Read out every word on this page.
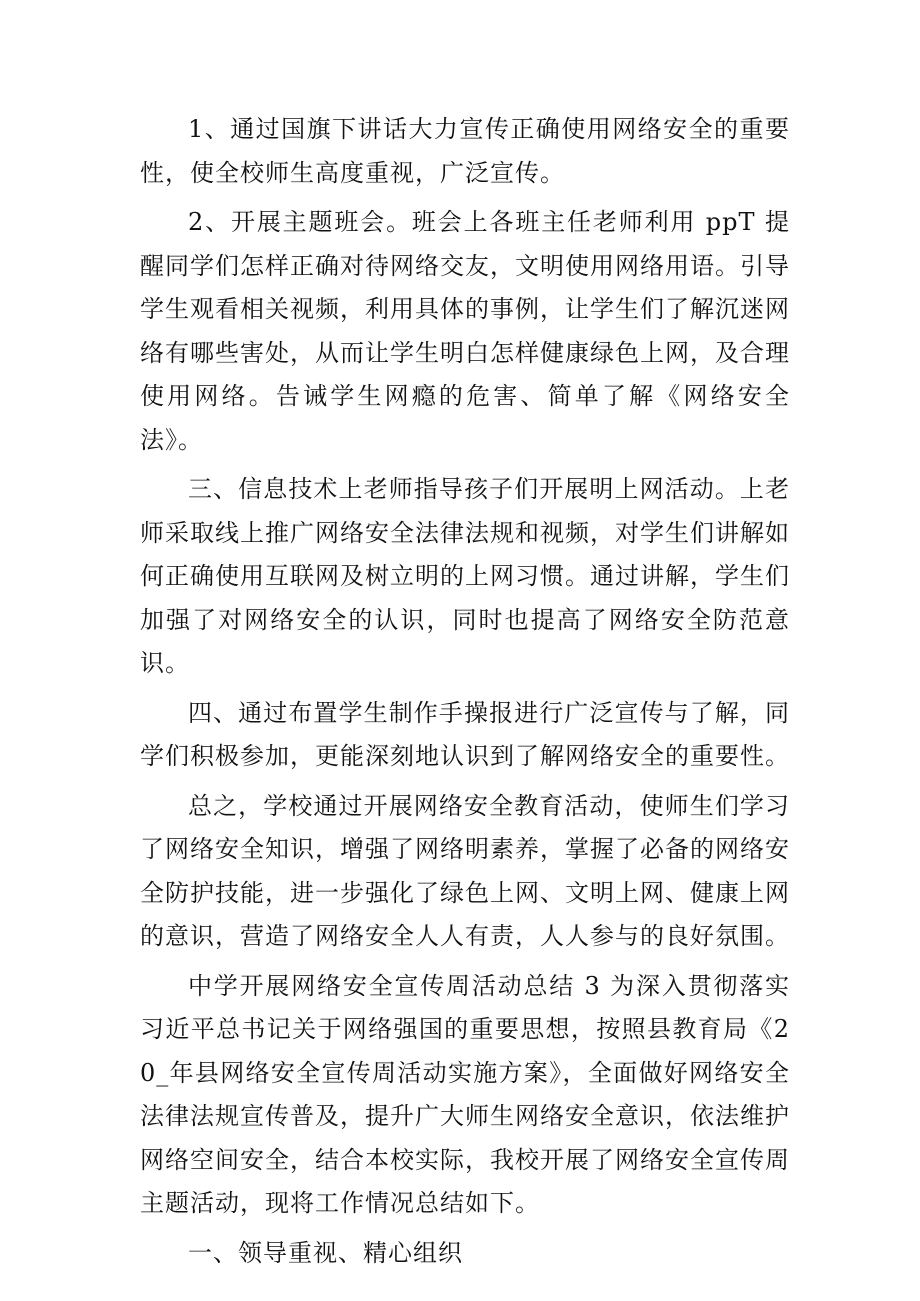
1、通过国旗下讲话大力宣传正确使用网络安全的重要性，使全校师生高度重视，广泛宣传。

2、开展主题班会。班会上各班主任老师利用 ppT 提醒同学们怎样正确对待网络交友，文明使用网络用语。引导学生观看相关视频，利用具体的事例，让学生们了解沉迷网络有哪些害处，从而让学生明白怎样健康绿色上网，及合理使用网络。告诫学生网瘾的危害、简单了解《网络安全法》。

三、信息技术上老师指导孩子们开展明上网活动。上老师采取线上推广网络安全法律法规和视频，对学生们讲解如何正确使用互联网及树立明的上网习惯。通过讲解，学生们加强了对网络安全的认识，同时也提高了网络安全防范意识。

四、通过布置学生制作手操报进行广泛宣传与了解，同学们积极参加，更能深刻地认识到了解网络安全的重要性。

总之，学校通过开展网络安全教育活动，使师生们学习了网络安全知识，增强了网络明素养，掌握了必备的网络安全防护技能，进一步强化了绿色上网、文明上网、健康上网的意识，营造了网络安全人人有责，人人参与的良好氛围。

中学开展网络安全宣传周活动总结 3 为深入贯彻落实习近平总书记关于网络强国的重要思想，按照县教育局《20_年县网络安全宣传周活动实施方案》，全面做好网络安全法律法规宣传普及，提升广大师生网络安全意识，依法维护网络空间安全，结合本校实际，我校开展了网络安全宣传周主题活动，现将工作情况总结如下。

一、领导重视、精心组织
